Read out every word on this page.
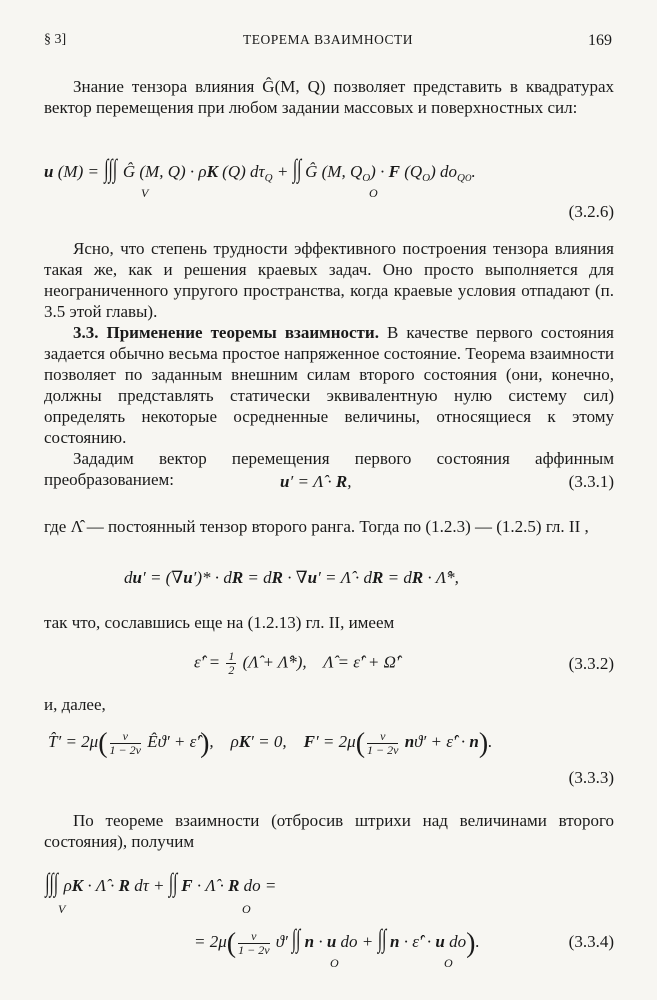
§ 3]	ТЕОРЕМА ВЗАИМНОСТИ	169
Знание тензора влияния Ĝ(M, Q) позволяет представить в квадратурах вектор перемещения при любом задании массовых и поверхностных сил:
u (M) = ∫∫∫ Ĝ (M, Q) · ρK (Q) $d\tau_Q$ + ∫∫ Ĝ (M, $Q_O) \cdot F$ $(Q_O)$ $do_{QO}$.
V	O
(3.2.6)
Ясно, что степень трудности эффективного построения тензора влияния такая же, как и решения краевых задач. Оно просто выполняется для неограниченного упругого пространства, когда краевые условия отпадают (п. 3.5 этой главы).
3.3. Применение теоремы взаимности. В качестве первого состояния задается обычно весьма простое напряженное состояние. Теорема взаимности позволяет по заданным внешним силам второго состояния (они, конечно, должны представлять статически эквивалентную нулю систему сил) определять некоторые осредненные величины, относящиеся к этому состоянию.
Зададим вектор перемещения первого состояния аффинным преобразованием:	u′ = Λ̂ · R,	(3.3.1)
где Λ̂ — постоянный тензор второго ранга. Тогда по (1.2.3) — (1.2.5) гл. II ,
du′ = (∇u′)* · dR = dR · ∇u′ = Λ̂ · dR = dR · Λ̂*,
так что, сославшись еще на (1.2.13) гл. II, имеем
ε̂′ = $\frac{1}{2}$ (Λ̂ + Λ̂*),    Λ̂ = ε̂′ + Ω̂′	(3.3.2)
и, далее,
T̂′ = $2\mu( \frac{\nu}{1 - 2\nu}$ Êϑ′ + ε̂′),    ρK′ = 0,    $F' = 2\mu( \frac{\nu}{1 - 2\nu} nϑ'$ + ε̂′ · n).
(3.3.3)
По теореме взаимности (отбросив штрихи над величинами второго состояния), получим
∫∫∫ ρK · Λ̂ · R dτ + ∫∫ F · Λ̂ · R do =
V	O
= $2\mu( \frac{\nu}{1 - 2\nu} ϑ'$ ∫∫ n · u do + ∫∫ n · ε̂′ · u do).
O	O
(3.3.4)
